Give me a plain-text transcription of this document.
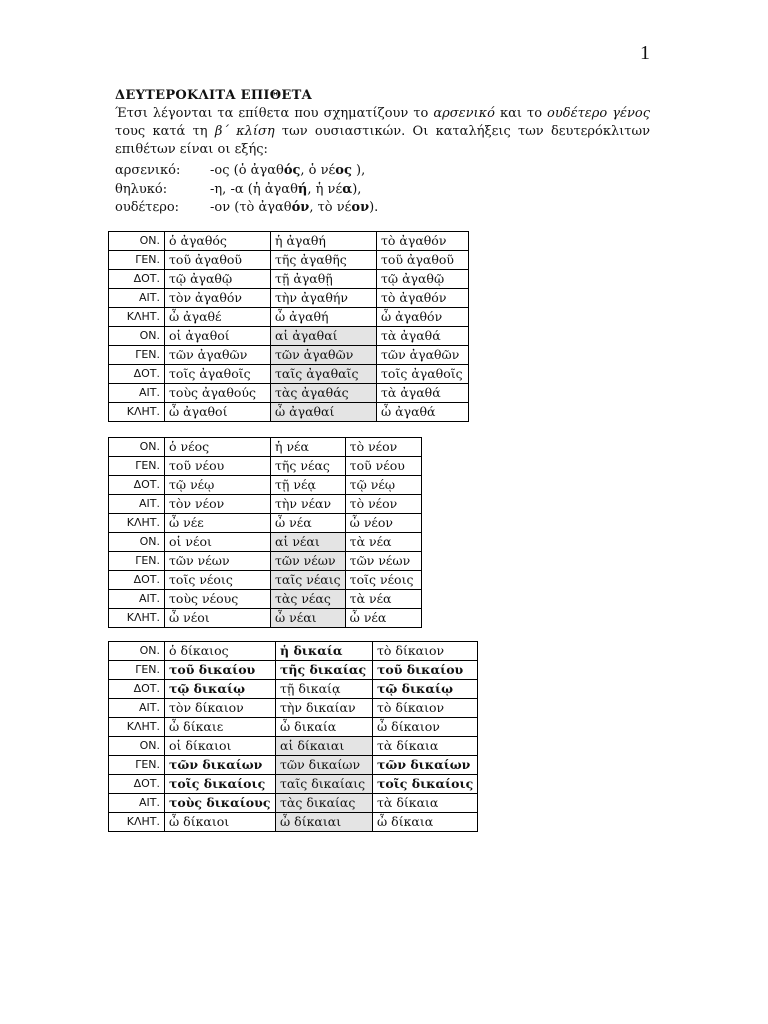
1
ΔΕΥΤΕΡΟΚΛΙΤΑ ΕΠΙΘΕΤΑ
Έτσι λέγονται τα επίθετα που σχηματίζουν το αρσενικό και το ουδέτερο γένος τους κατά τη β΄ κλίση των ουσιαστικών. Οι καταλήξεις των δευτερόκλιτων επιθέτων είναι οι εξής:
αρσενικό:	-ος (ὁ ἀγαθός, ὁ νέος ),
θηλυκό:	-η, -α (ἡ ἀγαθή, ἡ νέα),
ουδέτερο:	-ον (τὸ ἀγαθόν, τὸ νέον).
ΟΝ.	ὁ ἀγαθός	ἡ ἀγαθή	τὸ ἀγαθόν
ΓΕΝ.	τοῦ ἀγαθοῦ	τῆς ἀγαθῆς	τοῦ ἀγαθοῦ
ΔΟΤ.	τῷ ἀγαθῷ	τῇ ἀγαθῇ	τῷ ἀγαθῷ
ΑΙΤ.	τὸν ἀγαθόν	τὴν ἀγαθήν	τὸ ἀγαθόν
ΚΛΗΤ.	ὦ ἀγαθέ	ὦ ἀγαθή	ὦ ἀγαθόν
ΟΝ.	οἱ ἀγαθοί	αἱ ἀγαθαί	τὰ ἀγαθά
ΓΕΝ.	τῶν ἀγαθῶν	τῶν ἀγαθῶν	τῶν ἀγαθῶν
ΔΟΤ.	τοῖς ἀγαθοῖς	ταῖς ἀγαθαῖς	τοῖς ἀγαθοῖς
ΑΙΤ.	τοὺς ἀγαθούς	τὰς ἀγαθάς	τὰ ἀγαθά
ΚΛΗΤ.	ὦ ἀγαθοί	ὦ ἀγαθαί	ὦ ἀγαθά
ΟΝ.	ὁ νέος	ἡ νέα	τὸ νέον
ΓΕΝ.	τοῦ νέου	τῆς νέας	τοῦ νέου
ΔΟΤ.	τῷ νέῳ	τῇ νέᾳ	τῷ νέῳ
ΑΙΤ.	τὸν νέον	τὴν νέαν	τὸ νέον
ΚΛΗΤ.	ὦ νέε	ὦ νέα	ὦ νέον
ΟΝ.	οἱ νέοι	αἱ νέαι	τὰ νέα
ΓΕΝ.	τῶν νέων	τῶν νέων	τῶν νέων
ΔΟΤ.	τοῖς νέοις	ταῖς νέαις	τοῖς νέοις
ΑΙΤ.	τοὺς νέους	τὰς νέας	τὰ νέα
ΚΛΗΤ.	ὦ νέοι	ὦ νέαι	ὦ νέα
ΟΝ.	ὁ δίκαιος	ἡ δικαία	τὸ δίκαιον
ΓΕΝ.	τοῦ δικαίου	τῆς δικαίας	τοῦ δικαίου
ΔΟΤ.	τῷ δικαίῳ	τῇ δικαίᾳ	τῷ δικαίῳ
ΑΙΤ.	τὸν δίκαιον	τὴν δικαίαν	τὸ δίκαιον
ΚΛΗΤ.	ὦ δίκαιε	ὦ δικαία	ὦ δίκαιον
ΟΝ.	οἱ δίκαιοι	αἱ δίκαιαι	τὰ δίκαια
ΓΕΝ.	τῶν δικαίων	τῶν δικαίων	τῶν δικαίων
ΔΟΤ.	τοῖς δικαίοις	ταῖς δικαίαις	τοῖς δικαίοις
ΑΙΤ.	τοὺς δικαίους	τὰς δικαίας	τὰ δίκαια
ΚΛΗΤ.	ὦ δίκαιοι	ὦ δίκαιαι	ὦ δίκαια
